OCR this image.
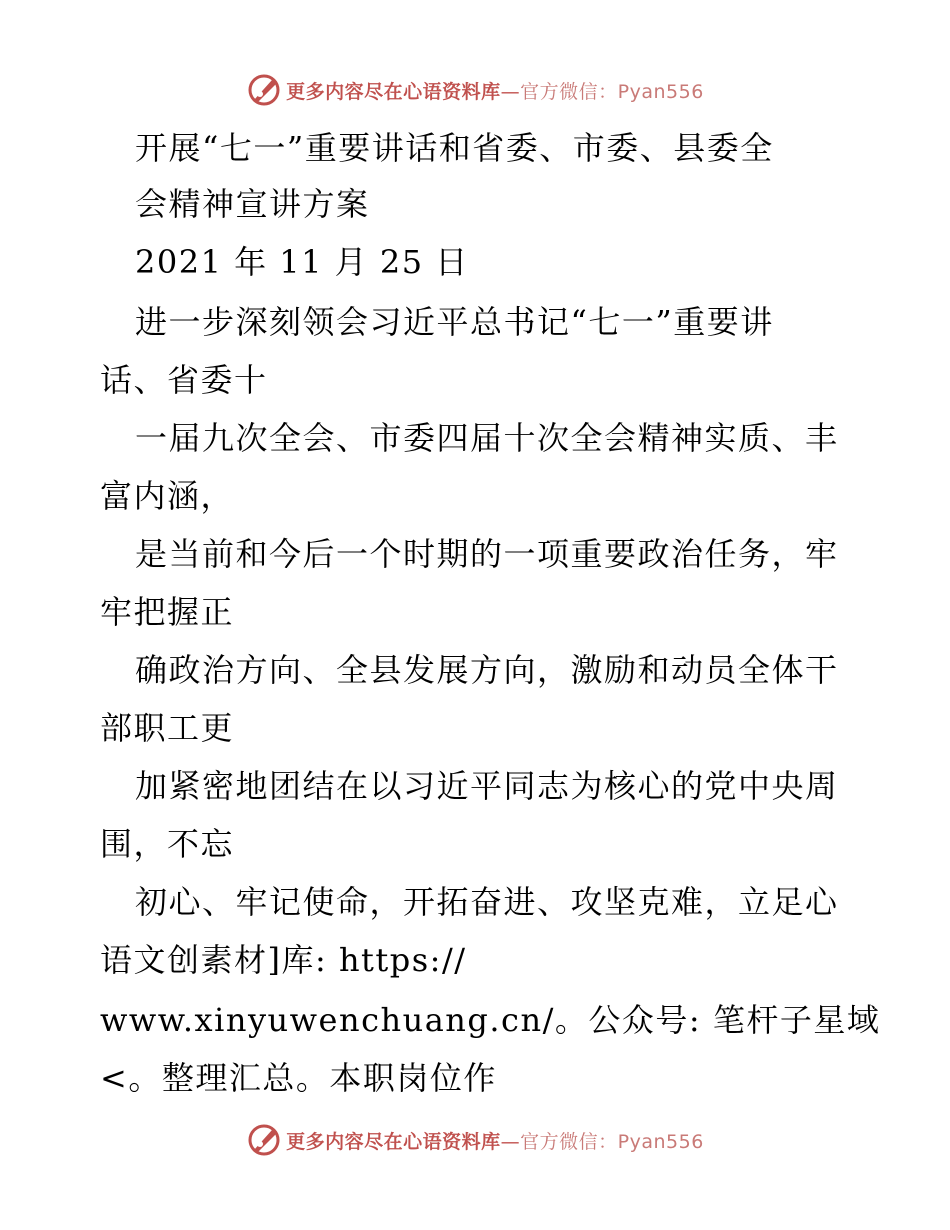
更多内容尽在心语资料库—官方微信：Pyan556
开展“七一”重要讲话和省委、市委、县委全
会精神宣讲方案
2021 年 11 月 25 日
进一步深刻领会习近平总书记“七一”重要讲
话、省委十
一届九次全会、市委四届十次全会精神实质、丰
富内涵，
是当前和今后一个时期的一项重要政治任务，牢
牢把握正
确政治方向、全县发展方向，激励和动员全体干
部职工更
加紧密地团结在以习近平同志为核心的党中央周
围，不忘
初心、牢记使命，开拓奋进、攻坚克难，立足心
语文创素材]库: https://
www.xinyuwenchuang.cn/。公众号: 笔杆子星域
<。整理汇总。本职岗位作
更多内容尽在心语资料库—官方微信：Pyan556
